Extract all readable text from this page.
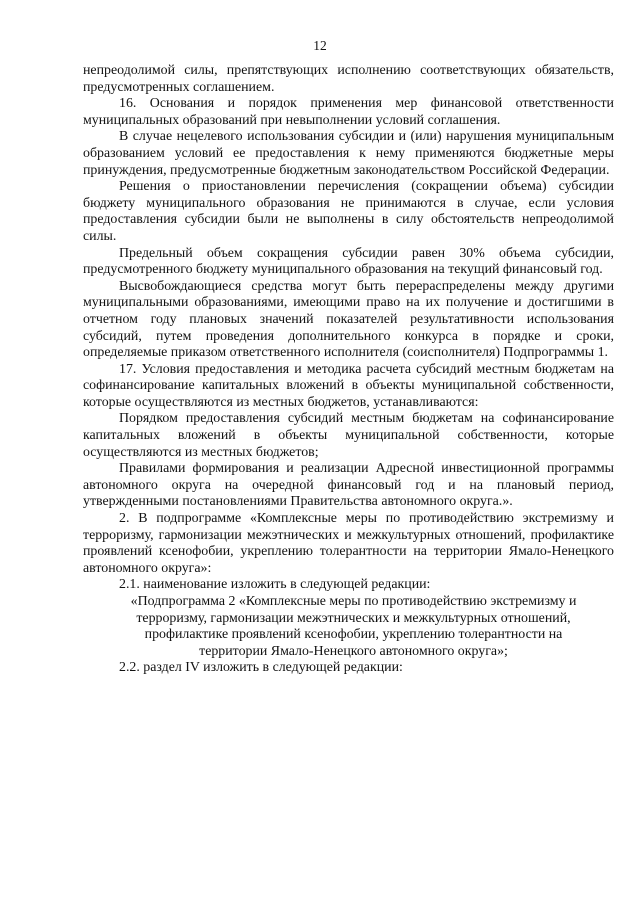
12

непреодолимой силы, препятствующих исполнению соответствующих обязательств, предусмотренных соглашением.

16. Основания и порядок применения мер финансовой ответственности муниципальных образований при невыполнении условий соглашения.

В случае нецелевого использования субсидии и (или) нарушения муниципальным образованием условий ее предоставления к нему применяются бюджетные меры принуждения, предусмотренные бюджетным законодательством Российской Федерации.

Решения о приостановлении перечисления (сокращении объема) субсидии бюджету муниципального образования не принимаются в случае, если условия предоставления субсидии были не выполнены в силу обстоятельств непреодолимой силы.

Предельный объем сокращения субсидии равен 30% объема субсидии, предусмотренного бюджету муниципального образования на текущий финансовый год.

Высвобождающиеся средства могут быть перераспределены между другими муниципальными образованиями, имеющими право на их получение и достигшими в отчетном году плановых значений показателей результативности использования субсидий, путем проведения дополнительного конкурса в порядке и сроки, определяемые приказом ответственного исполнителя (соисполнителя) Подпрограммы 1.

17. Условия предоставления и методика расчета субсидий местным бюджетам на софинансирование капитальных вложений в объекты муниципальной собственности, которые осуществляются из местных бюджетов, устанавливаются:

Порядком предоставления субсидий местным бюджетам на софинансирование капитальных вложений в объекты муниципальной собственности, которые осуществляются из местных бюджетов;

Правилами формирования и реализации Адресной инвестиционной программы автономного округа на очередной финансовый год и на плановый период, утвержденными постановлениями Правительства автономного округа.».

2. В подпрограмме «Комплексные меры по противодействию экстремизму и терроризму, гармонизации межэтнических и межкультурных отношений, профилактике проявлений ксенофобии, укреплению толерантности на территории Ямало-Ненецкого автономного округа»:

2.1. наименование изложить в следующей редакции:

«Подпрограмма 2 «Комплексные меры по противодействию экстремизму и терроризму, гармонизации межэтнических и межкультурных отношений, профилактике проявлений ксенофобии, укреплению толерантности на территории Ямало-Ненецкого автономного округа»;

2.2. раздел IV изложить в следующей редакции:
